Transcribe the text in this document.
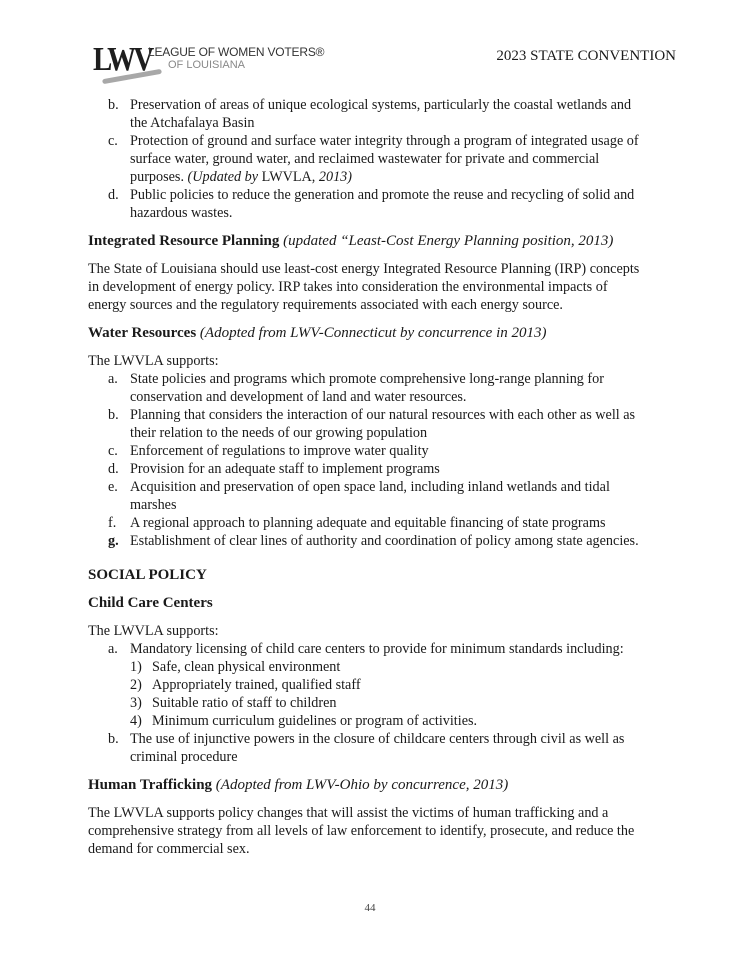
LWV
LEAGUE OF WOMEN VOTERS®
OF LOUISIANA
2023 STATE CONVENTION

b. Preservation of areas of unique ecological systems, particularly the coastal wetlands and the Atchafalaya Basin

c. Protection of ground and surface water integrity through a program of integrated usage of surface water, ground water, and reclaimed wastewater for private and commercial purposes. (Updated by LWVLA, 2013)

d. Public policies to reduce the generation and promote the reuse and recycling of solid and hazardous wastes.

Integrated Resource Planning (updated “Least-Cost Energy Planning position, 2013)

The State of Louisiana should use least-cost energy Integrated Resource Planning (IRP) concepts in development of energy policy. IRP takes into consideration the environmental impacts of energy sources and the regulatory requirements associated with each energy source.

Water Resources (Adopted from LWV-Connecticut by concurrence in 2013)

The LWVLA supports:

a. State policies and programs which promote comprehensive long-range planning for conservation and development of land and water resources.

b. Planning that considers the interaction of our natural resources with each other as well as their relation to the needs of our growing population

c. Enforcement of regulations to improve water quality

d. Provision for an adequate staff to implement programs

e. Acquisition and preservation of open space land, including inland wetlands and tidal marshes

f. A regional approach to planning adequate and equitable financing of state programs

g. Establishment of clear lines of authority and coordination of policy among state agencies.

SOCIAL POLICY

Child Care Centers

The LWVLA supports:

a. Mandatory licensing of child care centers to provide for minimum standards including:

1) Safe, clean physical environment

2) Appropriately trained, qualified staff

3) Suitable ratio of staff to children

4) Minimum curriculum guidelines or program of activities.

b. The use of injunctive powers in the closure of childcare centers through civil as well as criminal procedure

Human Trafficking (Adopted from LWV-Ohio by concurrence, 2013)

The LWVLA supports policy changes that will assist the victims of human trafficking and a comprehensive strategy from all levels of law enforcement to identify, prosecute, and reduce the demand for commercial sex.

44
